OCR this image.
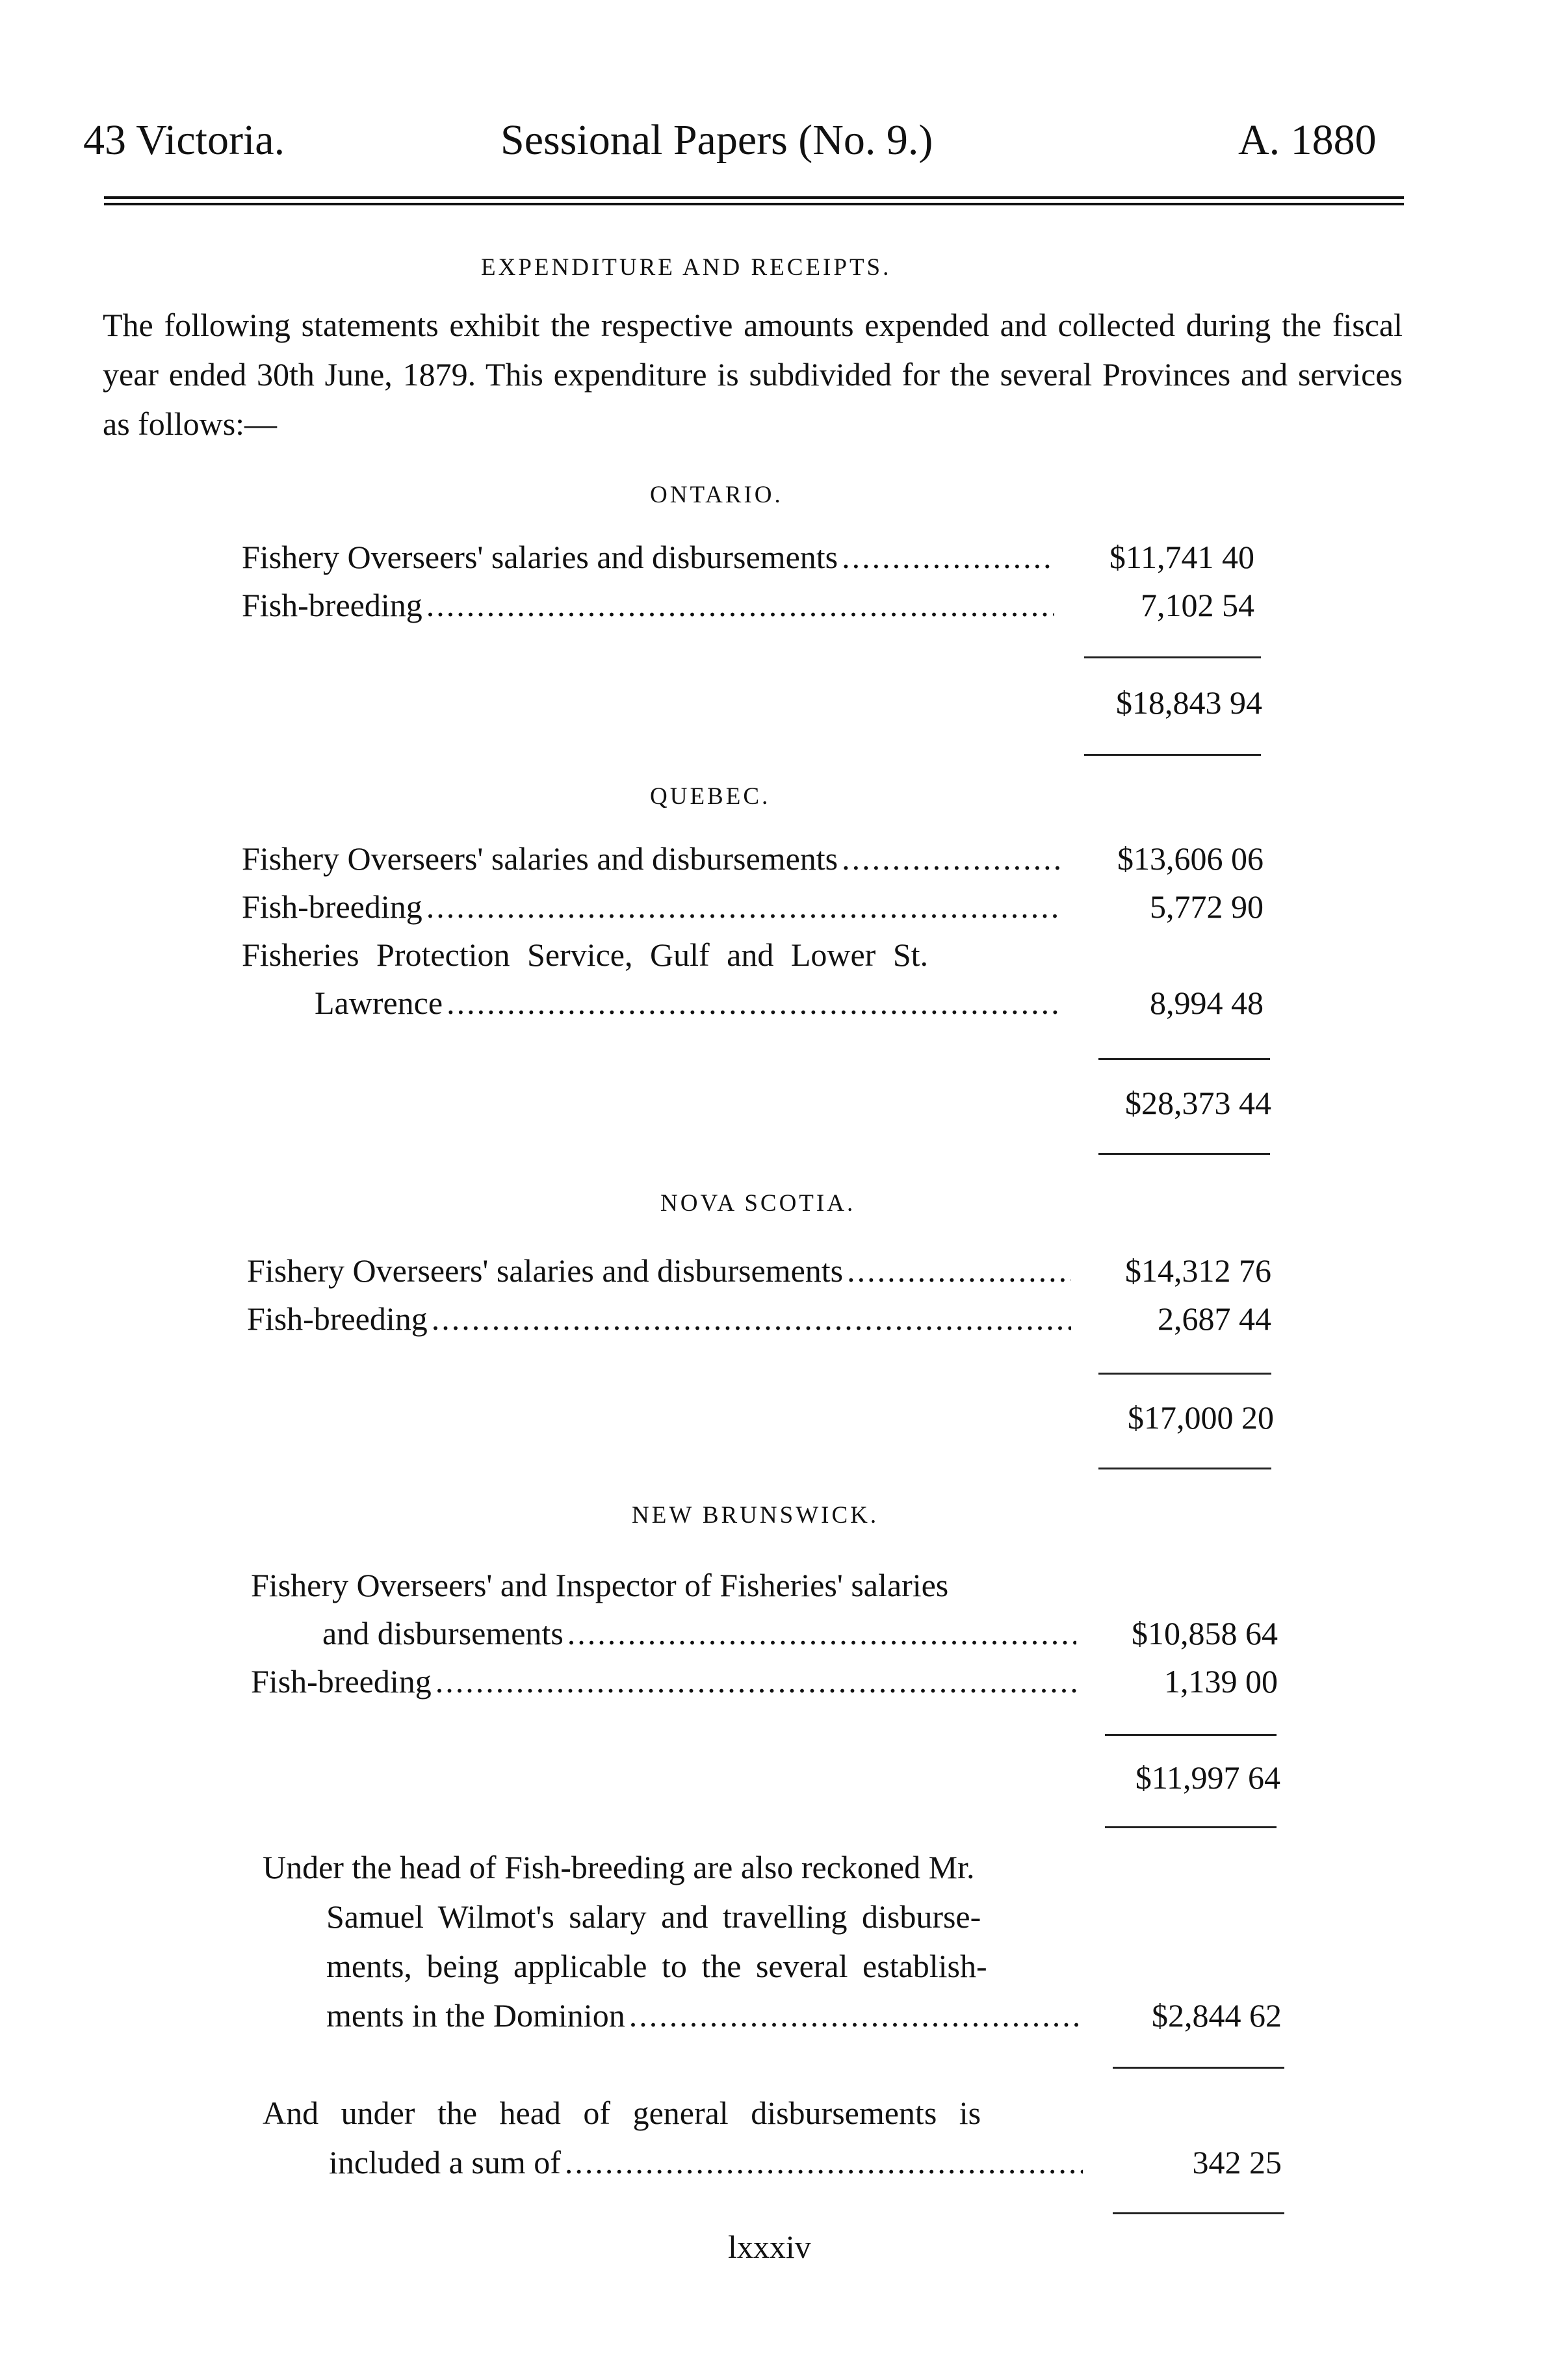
43 Victoria.	Sessional Papers (No. 9.)	A. 1880
EXPENDITURE AND RECEIPTS.
The following statements exhibit the respective amounts expended and collected during the fiscal year ended 30th June, 1879. This expenditure is subdivided for the several Provinces and services as follows:—
ONTARIO.
Fishery Overseers' salaries and disbursements .....	$11,741 40
Fish-breeding .....	7,102 54
$18,843 94
QUEBEC.
Fishery Overseers' salaries and disbursements .....	$13,606 06
Fish-breeding .....	5,772 90
Fisheries Protection Service, Gulf and Lower St.
Lawrence .....	8,994 48
$28,373 44
NOVA SCOTIA.
Fishery Overseers' salaries and disbursements .....	$14,312 76
Fish-breeding .....	2,687 44
$17,000 20
NEW BRUNSWICK.
Fishery Overseers' and Inspector of Fisheries' salaries
and disbursements .....	$10,858 64
Fish-breeding .....	1,139 00
$11,997 64
Under the head of Fish-breeding are also reckoned Mr.
Samuel Wilmot's salary and travelling disburse-
ments, being applicable to the several establish-
ments in the Dominion .....	$2,844 62
And under the head of general disbursements is
included a sum of .....	342 25
lxxxiv
